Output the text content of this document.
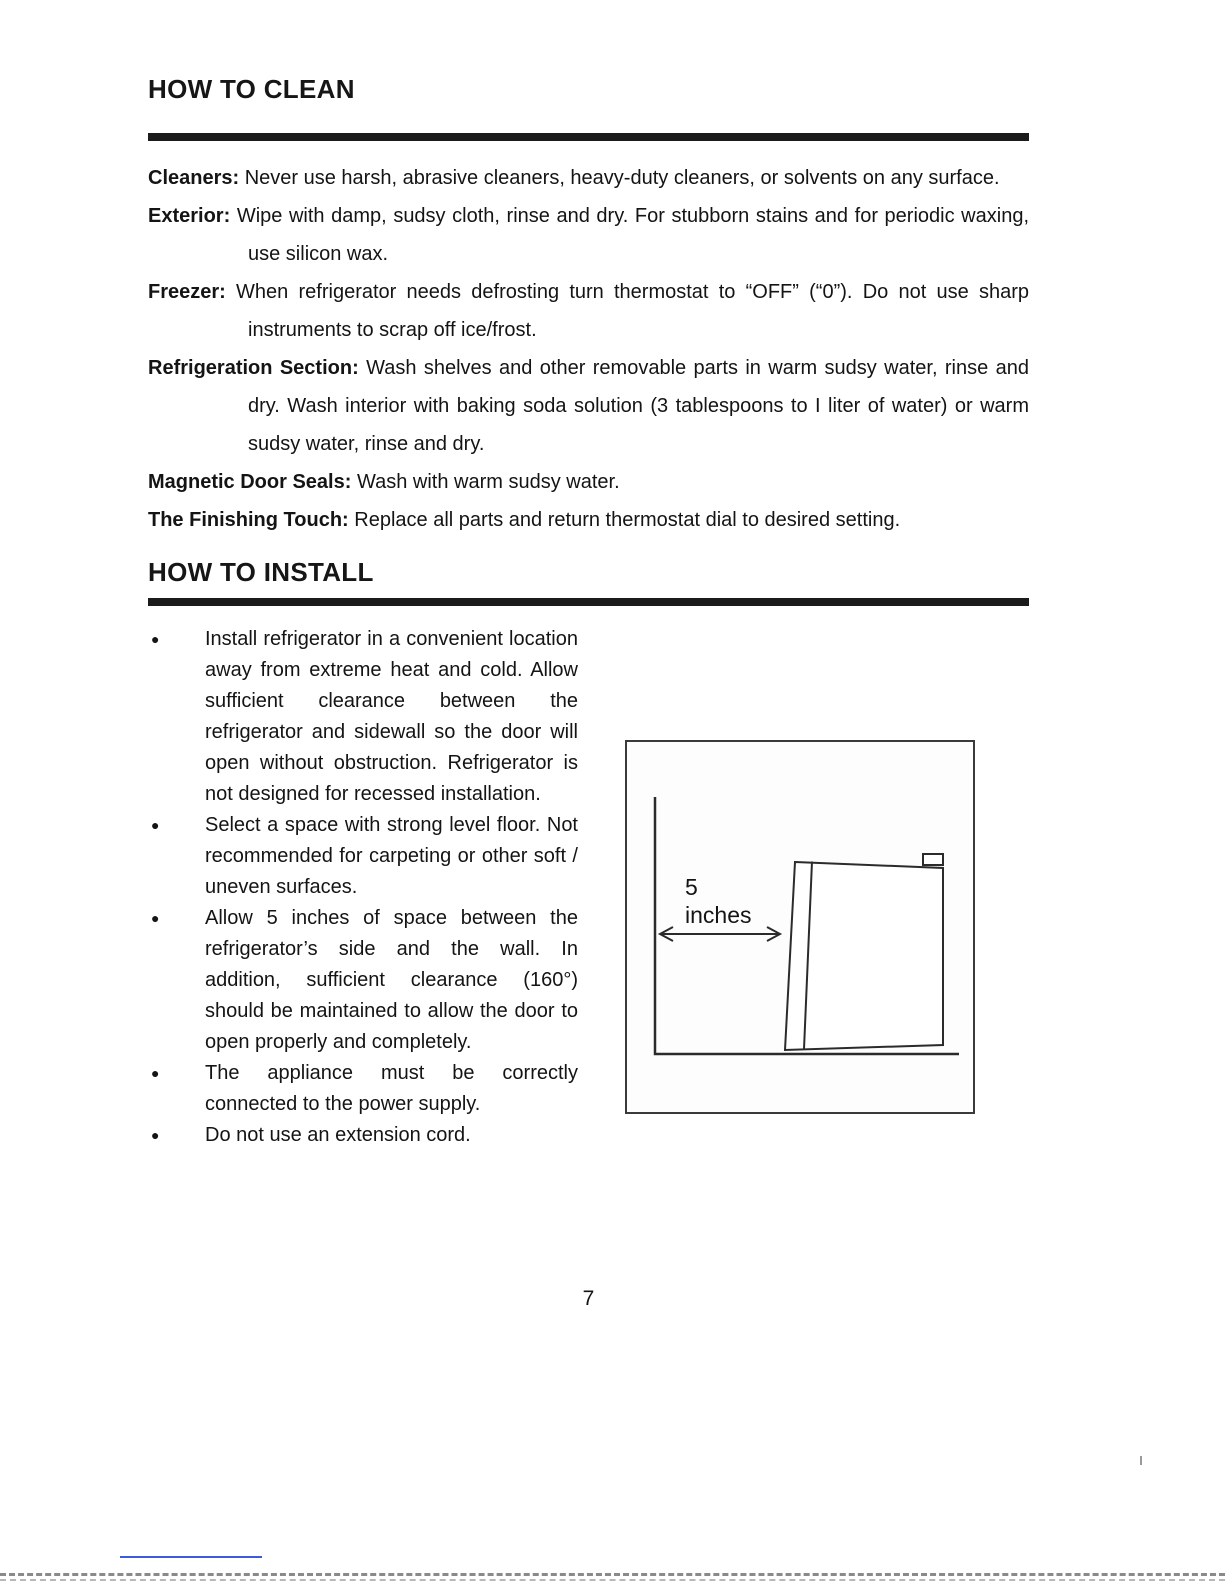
HOW TO CLEAN

Cleaners: Never use harsh, abrasive cleaners, heavy-duty cleaners, or solvents on any surface.

Exterior: Wipe with damp, sudsy cloth, rinse and dry. For stubborn stains and for periodic waxing, use silicon wax.

Freezer: When refrigerator needs defrosting turn thermostat to “OFF” (“0”). Do not use sharp instruments to scrap off ice/frost.

Refrigeration Section: Wash shelves and other removable parts in warm sudsy water, rinse and dry. Wash interior with baking soda solution (3 tablespoons to I liter of water) or warm sudsy water, rinse and dry.

Magnetic Door Seals: Wash with warm sudsy water.

The Finishing Touch: Replace all parts and return thermostat dial to desired setting.

HOW TO INSTALL
● Install refrigerator in a convenient location away from extreme heat and cold. Allow sufficient clearance between the refrigerator and sidewall so the door will open without obstruction. Refrigerator is not designed for recessed installation.
● Select a space with strong level floor. Not recommended for carpeting or other soft / uneven surfaces.
● Allow 5 inches of space between the refrigerator’s side and the wall. In addition, sufficient clearance (160°) should be maintained to allow the door to open properly and completely.
● The appliance must be correctly connected to the power supply.
● Do not use an extension cord.
5
inches
7
